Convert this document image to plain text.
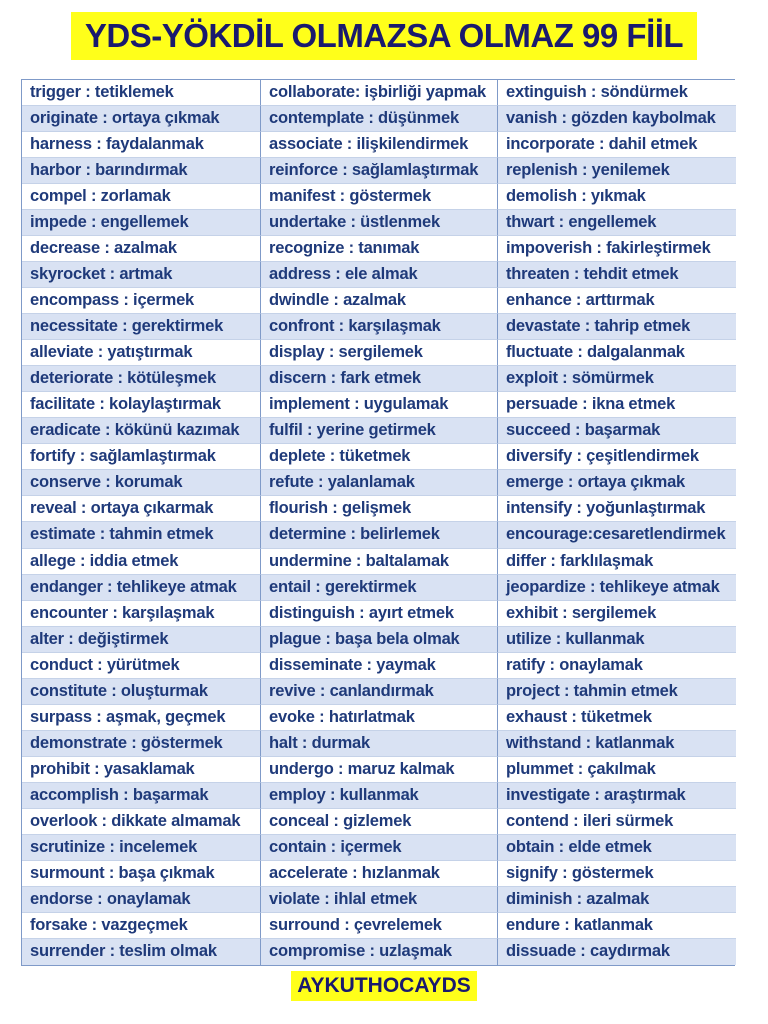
YDS-YÖKDİL OLMAZSA OLMAZ 99 FİİL
trigger : tetiklemek	collaborate: işbirliği yapmak	extinguish : söndürmek
originate : ortaya çıkmak	contemplate : düşünmek	vanish : gözden kaybolmak
harness : faydalanmak	associate : ilişkilendirmek	incorporate : dahil etmek
harbor : barındırmak	reinforce : sağlamlaştırmak	replenish : yenilemek
compel : zorlamak	manifest : göstermek	demolish : yıkmak
impede : engellemek	undertake : üstlenmek	thwart : engellemek
decrease : azalmak	recognize : tanımak	impoverish : fakirleştirmek
skyrocket : artmak	address : ele almak	threaten : tehdit etmek
encompass : içermek	dwindle : azalmak	enhance : arttırmak
necessitate : gerektirmek	confront : karşılaşmak	devastate : tahrip etmek
alleviate : yatıştırmak	display : sergilemek	fluctuate : dalgalanmak
deteriorate : kötüleşmek	discern : fark etmek	exploit : sömürmek
facilitate : kolaylaştırmak	implement : uygulamak	persuade : ikna etmek
eradicate : kökünü kazımak	fulfil : yerine getirmek	succeed : başarmak
fortify : sağlamlaştırmak	deplete : tüketmek	diversify : çeşitlendirmek
conserve : korumak	refute : yalanlamak	emerge : ortaya çıkmak
reveal : ortaya çıkarmak	flourish : gelişmek	intensify : yoğunlaştırmak
estimate : tahmin etmek	determine : belirlemek	encourage:cesaretlendirmek
allege : iddia etmek	undermine : baltalamak	differ : farklılaşmak
endanger : tehlikeye atmak	entail : gerektirmek	jeopardize : tehlikeye atmak
encounter : karşılaşmak	distinguish : ayırt etmek	exhibit : sergilemek
alter : değiştirmek	plague : başa bela olmak	utilize : kullanmak
conduct : yürütmek	disseminate : yaymak	ratify : onaylamak
constitute : oluşturmak	revive : canlandırmak	project : tahmin etmek
surpass : aşmak, geçmek	evoke : hatırlatmak	exhaust : tüketmek
demonstrate : göstermek	halt : durmak	withstand : katlanmak
prohibit : yasaklamak	undergo : maruz kalmak	plummet : çakılmak
accomplish : başarmak	employ : kullanmak	investigate : araştırmak
overlook : dikkate almamak	conceal : gizlemek	contend : ileri sürmek
scrutinize : incelemek	contain : içermek	obtain : elde etmek
surmount : başa çıkmak	accelerate : hızlanmak	signify : göstermek
endorse : onaylamak	violate : ihlal etmek	diminish : azalmak
forsake : vazgeçmek	surround : çevrelemek	endure : katlanmak
surrender : teslim olmak	compromise : uzlaşmak	dissuade : caydırmak
AYKUTHOCAYDS
